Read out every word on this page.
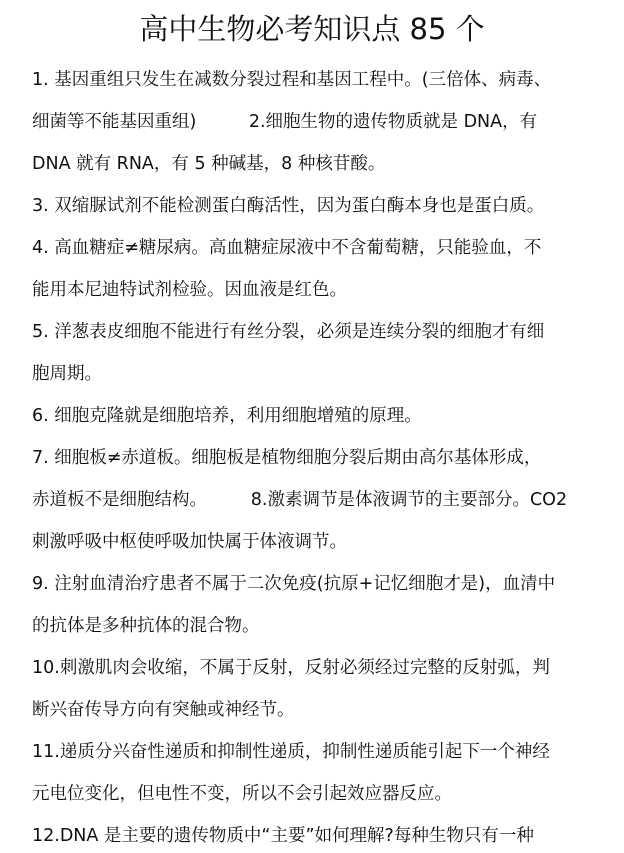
高中生物必考知识点 85 个
1. 基因重组只发生在减数分裂过程和基因工程中。(三倍体、病毒、
细菌等不能基因重组)　　　2.细胞生物的遗传物质就是 DNA，有
DNA 就有 RNA，有 5 种碱基，8 种核苷酸。
3. 双缩脲试剂不能检测蛋白酶活性，因为蛋白酶本身也是蛋白质。
4. 高血糖症≠糖尿病。高血糖症尿液中不含葡萄糖，只能验血，不
能用本尼迪特试剂检验。因血液是红色。
5. 洋葱表皮细胞不能进行有丝分裂，必须是连续分裂的细胞才有细
胞周期。
6. 细胞克隆就是细胞培养，利用细胞增殖的原理。
7. 细胞板≠赤道板。细胞板是植物细胞分裂后期由高尔基体形成，
赤道板不是细胞结构。　　　8.激素调节是体液调节的主要部分。CO2
刺激呼吸中枢使呼吸加快属于体液调节。
9. 注射血清治疗患者不属于二次免疫(抗原+记忆细胞才是)，血清中
的抗体是多种抗体的混合物。
10.刺激肌肉会收缩，不属于反射，反射必须经过完整的反射弧，判
断兴奋传导方向有突触或神经节。
11.递质分兴奋性递质和抑制性递质，抑制性递质能引起下一个神经
元电位变化，但电性不变，所以不会引起效应器反应。
12.DNA 是主要的遗传物质中“主要”如何理解?每种生物只有一种
